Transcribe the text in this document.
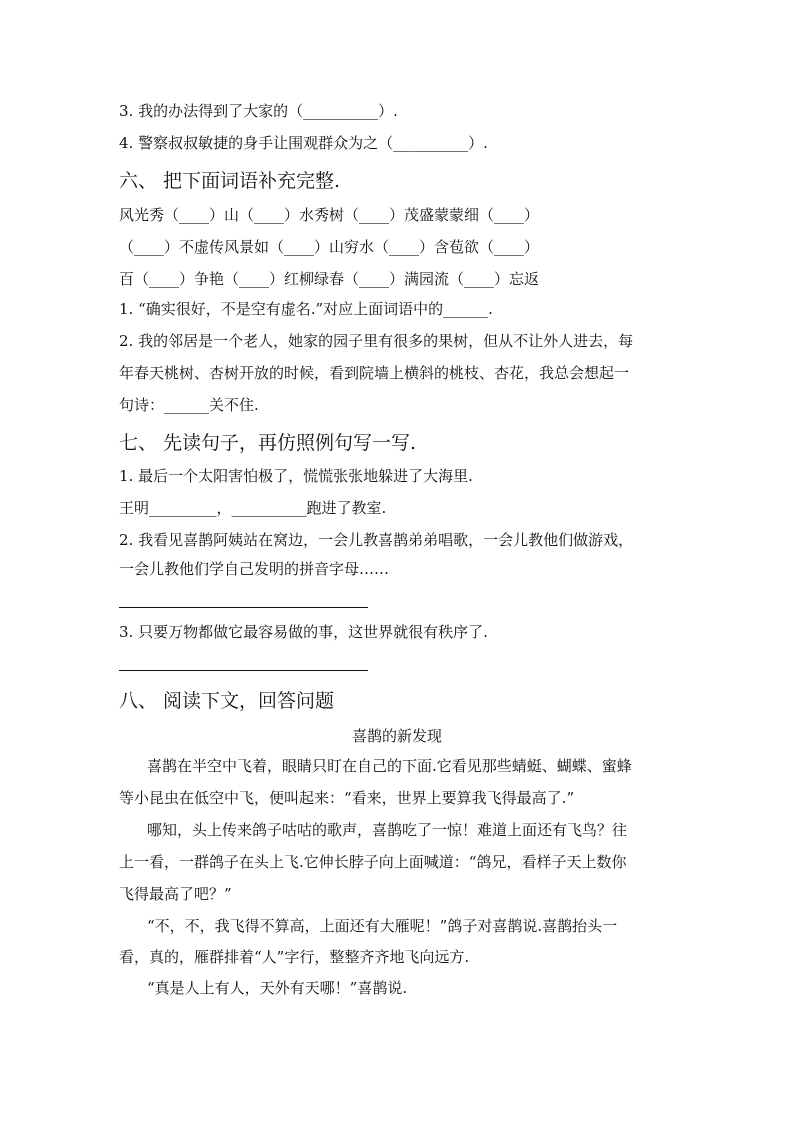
3. 我的办法得到了大家的（__________）.
4. 警察叔叔敏捷的身手让围观群众为之（__________）.
六、 把下面词语补充完整.
风光秀（____）山（____）水秀树（____）茂盛蒙蒙细（____）
（____）不虚传风景如（____）山穷水（____）含苞欲（____）
百（____）争艳（____）红柳绿春（____）满园流（____）忘返
1. “确实很好，不是空有虚名.”对应上面词语中的______.
2. 我的邻居是一个老人，她家的园子里有很多的果树，但从不让外人进去，每
年春天桃树、杏树开放的时候，看到院墙上横斜的桃枝、杏花，我总会想起一
句诗：______关不住.
七、 先读句子，再仿照例句写一写.
1. 最后一个太阳害怕极了，慌慌张张地躲进了大海里.
王明_________，__________跑进了教室.
2. 我看见喜鹊阿姨站在窝边，一会儿教喜鹊弟弟唱歌，一会儿教他们做游戏，
一会儿教他们学自己发明的拼音字母……
3. 只要万物都做它最容易做的事，这世界就很有秩序了.
八、 阅读下文，回答问题
喜鹊的新发现
喜鹊在半空中飞着，眼睛只盯在自己的下面.它看见那些蜻蜓、蝴蝶、蜜蜂
等小昆虫在低空中飞，便叫起来：“看来，世界上要算我飞得最高了.”
哪知，头上传来鸽子咕咕的歌声，喜鹊吃了一惊！难道上面还有飞鸟？往
上一看，一群鸽子在头上飞.它伸长脖子向上面喊道：“鸽兄，看样子天上数你
飞得最高了吧？”
“不，不，我飞得不算高，上面还有大雁呢！”鸽子对喜鹊说.喜鹊抬头一
看，真的，雁群排着“人”字行，整整齐齐地飞向远方.
“真是人上有人，天外有天哪！”喜鹊说.
